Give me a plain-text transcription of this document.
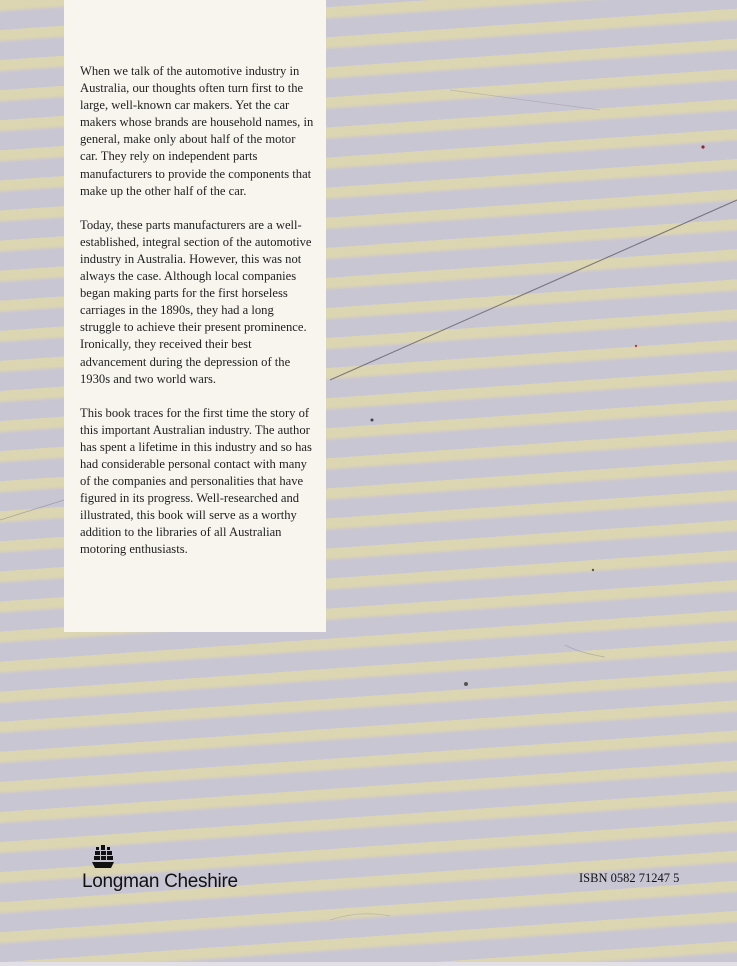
When we talk of the automotive industry in Australia, our thoughts often turn first to the large, well-known car makers. Yet the car makers whose brands are household names, in general, make only about half of the motor car. They rely on independent parts manufacturers to provide the components that make up the other half of the car.

Today, these parts manufacturers are a well-established, integral section of the automotive industry in Australia. However, this was not always the case. Although local companies began making parts for the first horseless carriages in the 1890s, they had a long struggle to achieve their present prominence. Ironically, they received their best advancement during the depression of the 1930s and two world wars.

This book traces for the first time the story of this important Australian industry. The author has spent a lifetime in this industry and so has had considerable personal contact with many of the companies and personalities that have figured in its progress. Well-researched and illustrated, this book will serve as a worthy addition to the libraries of all Australian motoring enthusiasts.

Longman Cheshire	ISBN 0582 71247 5
